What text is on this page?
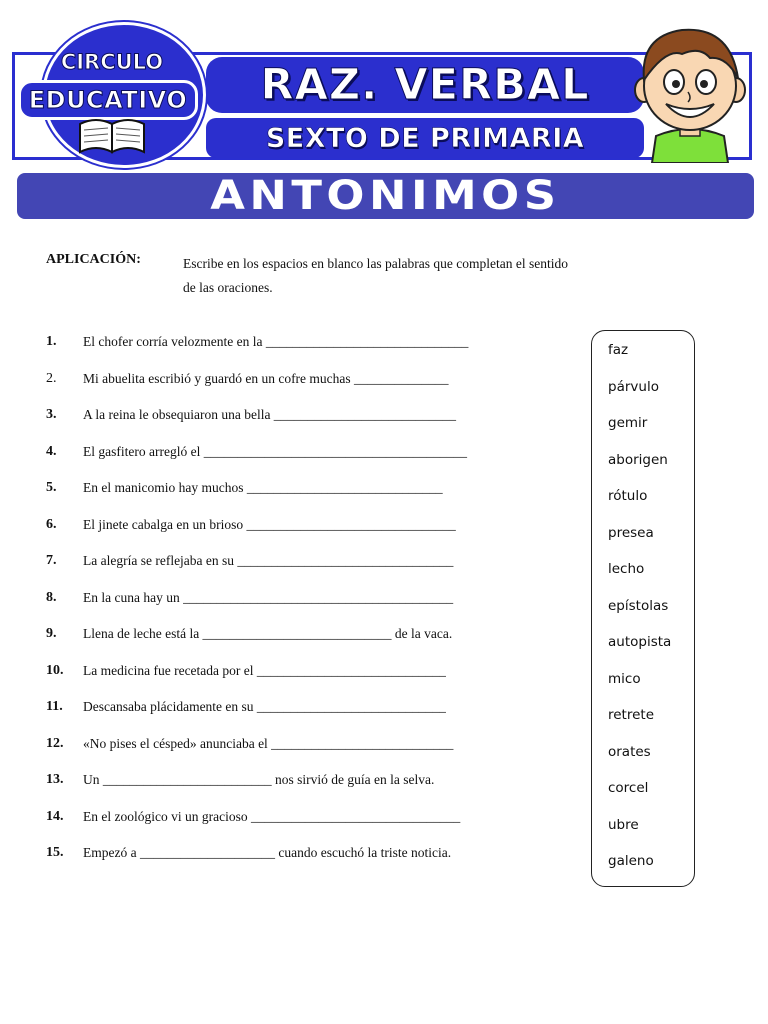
CIRCULO
EDUCATIVO RAZ. VERBAL
SEXTO DE PRIMARIA
ANTONIMOS
APLICACIÓN:	Escribe en los espacios en blanco las palabras que completan el sentido
de las oraciones.
1. El chofer corría velozmente en la ______________________________
2. Mi abuelita escribió y guardó en un cofre muchas ______________
3. A la reina le obsequiaron una bella ___________________________
4. El gasfitero arregló el _______________________________________
5. En el manicomio hay muchos _____________________________
6. El jinete cabalga en un brioso _______________________________
7. La alegría se reflejaba en su ________________________________
8. En la cuna hay un ________________________________________
9. Llena de leche está la ____________________________ de la vaca.
10. La medicina fue recetada por el ____________________________
11. Descansaba plácidamente en su ____________________________
12. «No pises el césped» anunciaba el ___________________________
13. Un _________________________ nos sirvió de guía en la selva.
14. En el zoológico vi un gracioso _______________________________
15. Empezó a ____________________ cuando escuchó la triste noticia.
faz
párvulo
gemir
aborigen
rótulo
presea
lecho
epístolas
autopista
mico
retrete
orates
corcel
ubre
galeno
